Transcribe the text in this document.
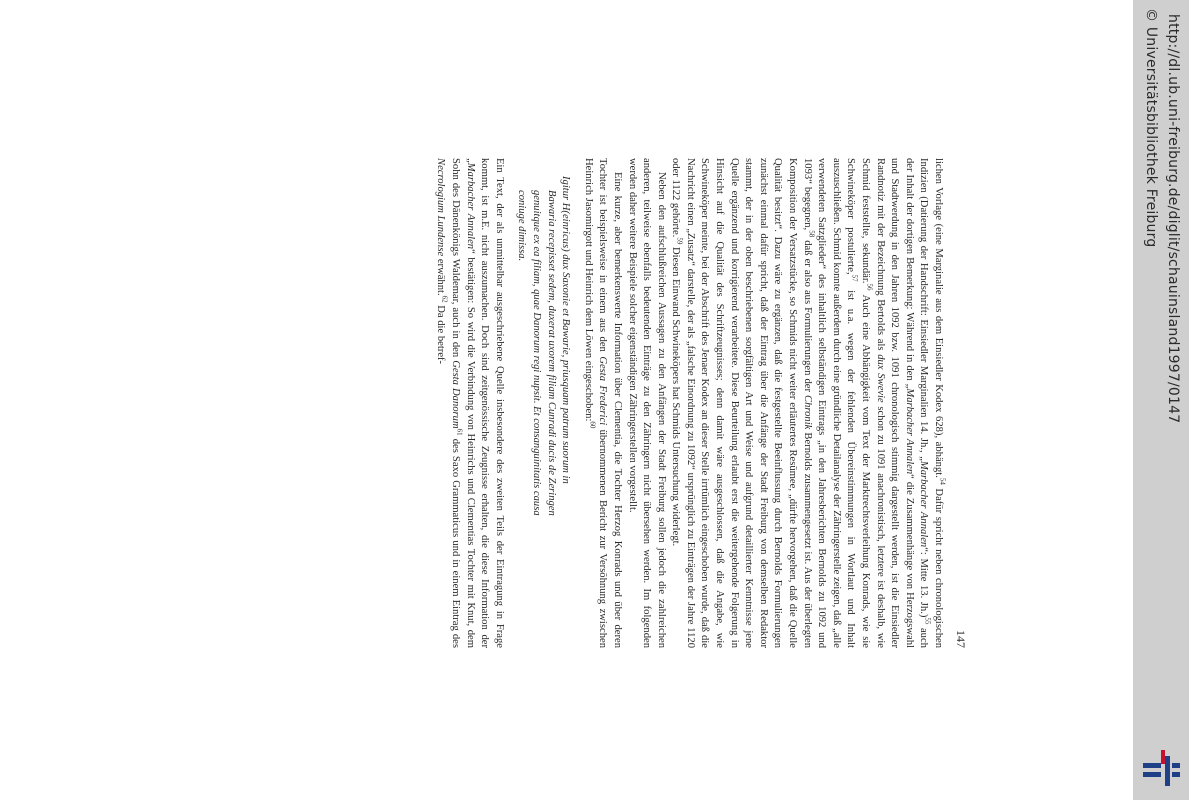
147

lichen Vorlage (eine Marginalie aus dem Einsiedler Kodex 628), abhängt.$^{54}$ Dafür spricht neben chronologischen Indizien (Datierung der Handschrift: Einsiedler Marginalien 14. Jh., „Marbacher Annalen“: Mitte 13. Jh.)$^{55}$ auch der Inhalt der dortigen Bemerkung: Während in den „Marbacher Annalen“ die Zusammenhänge von Herzogswahl und Stadtwerdung in den Jahren 1092 bzw. 1091 chronologisch stimmig dargestellt werden, ist die Einsiedler Randnotiz mit der Bezeichnung Bertolds als dux Swevie schon zu 1091 anachronistisch, letztere ist deshalb, wie Schmid feststellte, sekundär.$^{56}$ Auch eine Abhängigkeit vom Text der Marktrechtsverleihung Konrads, wie sie Schwineköper postulierte,$^{57}$ ist u.a. wegen der fehlenden Übereinstimmungen in Wortlaut und Inhalt auszuschließen. Schmid konnte außerdem durch eine gründliche Detailanalyse der Zähringerstelle zeigen, daß „alle verwendeten Satzglieder“ des inhaltlich selbständigen Eintrags „in den Jahresberichten Bernolds zu 1092 und 1093“ begegnen,$^{58}$ daß er also aus Formulierungen der Chronik Bernolds zusammengesetzt ist. Aus der überlegten Komposition der Versatzstücke, so Schmids nicht weiter erläutertes Resümee, „dürfte hervorgehen, daß die Quelle Qualität besitzt“. Dazu wäre zu ergänzen, daß die festgestellte Beeinflussung durch Bernolds Formulierungen zunächst einmal dafür spricht, daß der Eintrag über die Anfänge der Stadt Freiburg von demselben Redaktor stammt, der in der oben beschriebenen sorgfältigen Art und Weise und aufgrund detaillierter Kenntnisse jene Quelle ergänzend und korrigierend verarbeitete. Diese Beurteilung erlaubt erst die weitergehende Folgerung in Hinsicht auf die Qualität des Schriftzeugnisses; denn damit wäre ausgeschlossen, daß die Angabe, wie Schwineköper meinte, bei der Abschrift des Jenaer Kodex an dieser Stelle irrtümlich eingeschoben wurde, daß die Nachricht einen „Zusatz“ darstelle, der als „falsche Einordnung zu 1092“ ursprünglich zu Einträgen der Jahre 1120 oder 1122 gehörte.$^{59}$ Diesen Einwand Schwineköpers hat Schmids Untersuchung widerlegt.

Neben den aufschlußreichen Aussagen zu den Anfängen der Stadt Freiburg sollen jedoch die zahlreichen anderen, teilweise ebenfalls bedeutenden Einträge zu den Zähringern nicht übersehen werden. Im folgenden werden daher weitere Beispiele solcher eigenständigen Zähringerstellen vorgestellt.

Eine kurze, aber bemerkenswerte Information über Clementia, die Tochter Herzog Konrads und über deren Tochter ist beispielsweise in einem aus den Gesta Frederici übernommenen Bericht zur Versöhnung zwischen Heinrich Jasomirgott und Heinrich dem Löwen eingeschoben:$^{60}$

Igitur H(einricus) dux Saxonie et Bawarie, priusquam patrum suorum in
Bawaria recepisset sedem, duxerat uxorem filiam Cunradi ducis de Zeringen
genuitque ex ea filiam, quae Danorum regi nupsit. Et consanguinitatis causa
coniuge dimissa.

Ein Text, der als unmittelbar ausgeschriebene Quelle insbesondere des zweiten Teils der Eintragung in Frage kommt, ist m.E. nicht auszumachen. Doch sind zeitgenössische Zeugnisse erhalten, die diese Information der „Marbacher Annalen“ bestätigen: So wird die Verbindung von Heinrichs und Clementias Tochter mit Knut, dem Sohn des Dänenkönigs Waldemar, auch in den Gesta Danorum$^{61}$ des Saxo Grammaticus und in einem Eintrag des Necrologium Lundense erwähnt.$^{62}$ Da die betref-	http://dl.ub.uni-freiburg.de/diglit/schauinsland1997/0147
© Universitätsbibliothek Freiburg
